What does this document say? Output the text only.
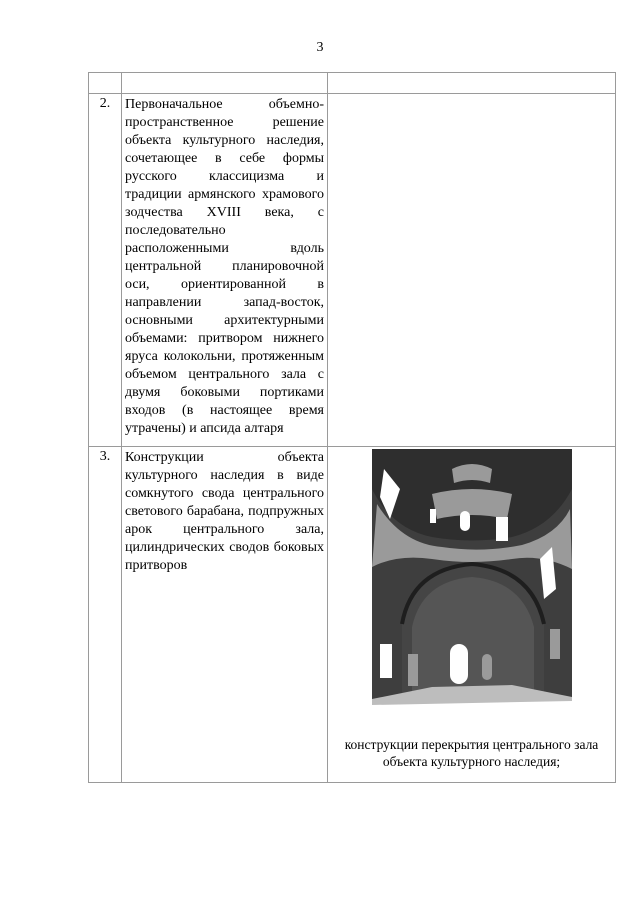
3

2.	Первоначальное объемно-пространственное решение объекта культурного наследия, сочетающее в себе формы русского классицизма и традиции армянского храмового зодчества XVIII века, с последовательно расположенными вдоль центральной планировочной оси, ориентированной в направлении запад-восток, основными архитектурными объемами: притвором нижнего яруса колокольни, протяженным объемом центрального зала с двумя боковыми портиками входов (в настоящее время утрачены) и апсида алтаря	
3.	Конструкции объекта культурного наследия в виде сомкнутого свода центрального светового барабана, подпружных арок центрального зала, цилиндрических сводов боковых притворов	конструкции перекрытия центрального зала объекта культурного наследия;
